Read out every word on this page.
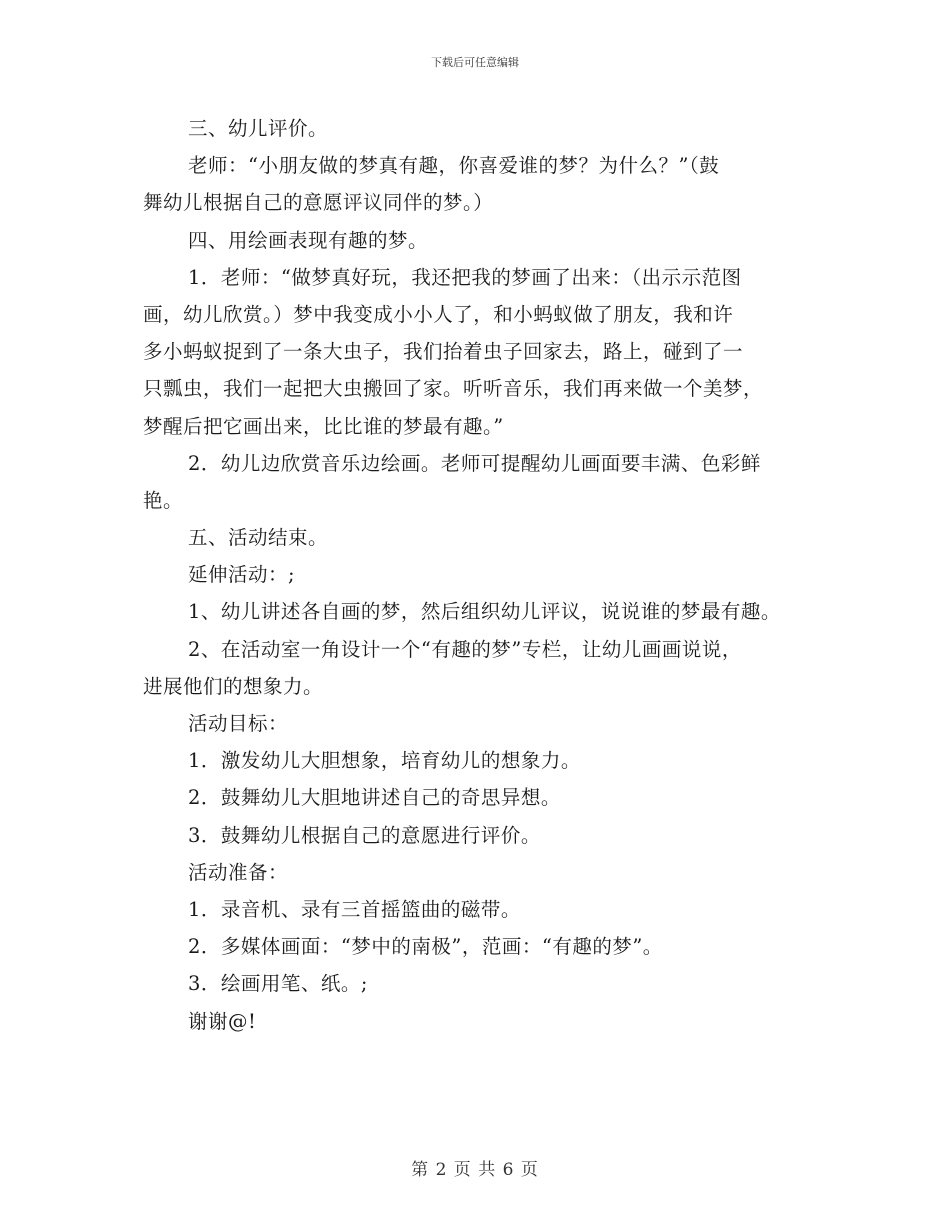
下载后可任意编辑
三、幼儿评价。
老师：“小朋友做的梦真有趣，你喜爱谁的梦？为什么？”（鼓
舞幼儿根据自己的意愿评议同伴的梦。）
四、用绘画表现有趣的梦。
1．老师：“做梦真好玩，我还把我的梦画了出来：（出示示范图
画，幼儿欣赏。）梦中我变成小小人了，和小蚂蚁做了朋友，我和许
多小蚂蚁捉到了一条大虫子，我们抬着虫子回家去，路上，碰到了一
只瓢虫，我们一起把大虫搬回了家。听听音乐，我们再来做一个美梦，
梦醒后把它画出来，比比谁的梦最有趣。”
2．幼儿边欣赏音乐边绘画。老师可提醒幼儿画面要丰满、色彩鲜
艳。
五、活动结束。
延伸活动：;
1、幼儿讲述各自画的梦，然后组织幼儿评议，说说谁的梦最有趣。
2、在活动室一角设计一个“有趣的梦”专栏，让幼儿画画说说，
进展他们的想象力。
活动目标：
1．激发幼儿大胆想象，培育幼儿的想象力。
2．鼓舞幼儿大胆地讲述自己的奇思异想。
3．鼓舞幼儿根据自己的意愿进行评价。
活动准备：
1．录音机、录有三首摇篮曲的磁带。
2．多媒体画面：“梦中的南极”，范画：“有趣的梦”。
3．绘画用笔、纸。;
谢谢@!
第 2 页 共 6 页
